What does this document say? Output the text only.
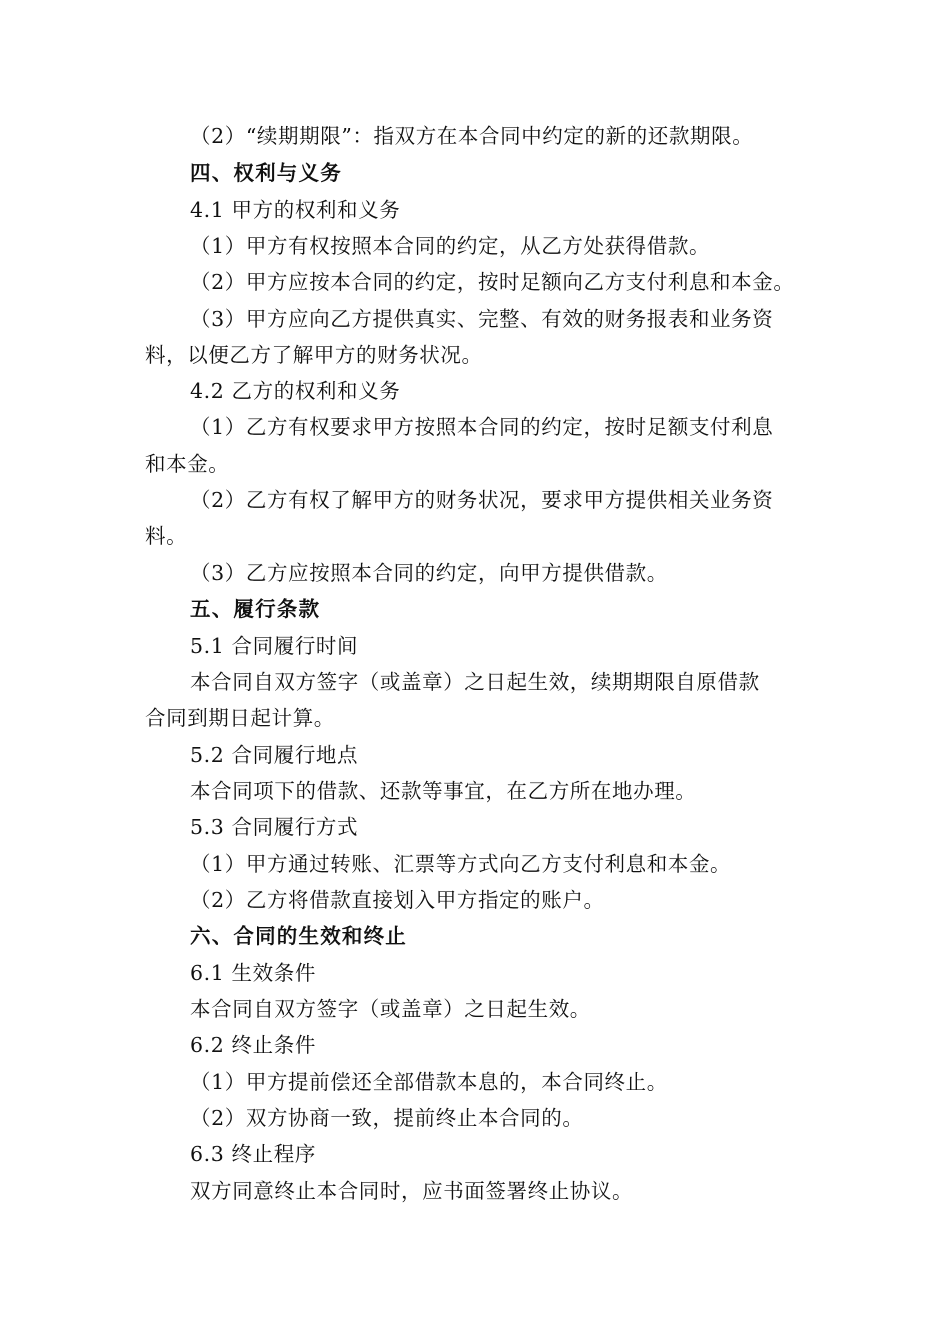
（2）“续期期限”：指双方在本合同中约定的新的还款期限。
四、权利与义务
4.1 甲方的权利和义务
（1）甲方有权按照本合同的约定，从乙方处获得借款。
（2）甲方应按本合同的约定，按时足额向乙方支付利息和本金。
（3）甲方应向乙方提供真实、完整、有效的财务报表和业务资
料，以便乙方了解甲方的财务状况。
4.2 乙方的权利和义务
（1）乙方有权要求甲方按照本合同的约定，按时足额支付利息
和本金。
（2）乙方有权了解甲方的财务状况，要求甲方提供相关业务资
料。
（3）乙方应按照本合同的约定，向甲方提供借款。
五、履行条款
5.1 合同履行时间
本合同自双方签字（或盖章）之日起生效，续期期限自原借款
合同到期日起计算。
5.2 合同履行地点
本合同项下的借款、还款等事宜，在乙方所在地办理。
5.3 合同履行方式
（1）甲方通过转账、汇票等方式向乙方支付利息和本金。
（2）乙方将借款直接划入甲方指定的账户。
六、合同的生效和终止
6.1 生效条件
本合同自双方签字（或盖章）之日起生效。
6.2 终止条件
（1）甲方提前偿还全部借款本息的，本合同终止。
（2）双方协商一致，提前终止本合同的。
6.3 终止程序
双方同意终止本合同时，应书面签署终止协议。
